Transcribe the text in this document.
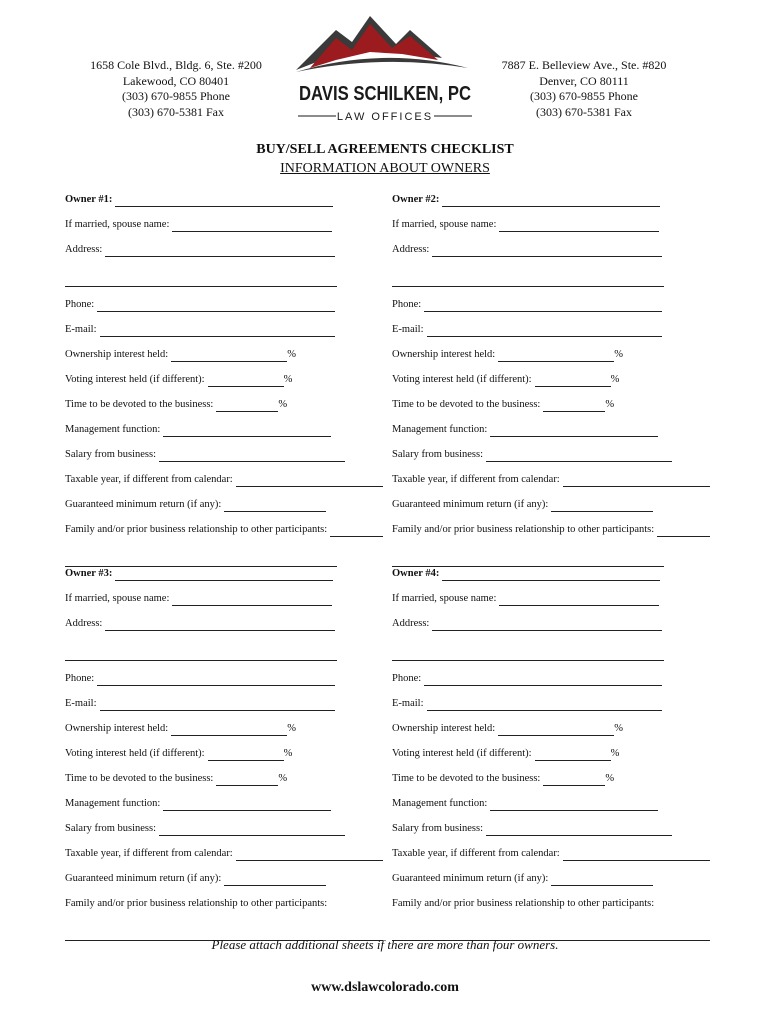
1658 Cole Blvd., Bldg. 6, Ste. #200
Lakewood, CO 80401
(303) 670-9855 Phone
(303) 670-5381 Fax
DAVIS SCHILKEN, PC
LAW OFFICES
7887 E. Belleview Ave., Ste. #820
Denver, CO 80111
(303) 670-9855 Phone
(303) 670-5381 Fax
BUY/SELL AGREEMENTS CHECKLIST
INFORMATION ABOUT OWNERS
Owner #1:
If married, spouse name:
Address:
Phone:
E-mail:
Ownership interest held:	%
Voting interest held (if different):	%
Time to be devoted to the business:	%
Management function:
Salary from business:
Taxable year, if different from calendar:
Guaranteed minimum return (if any):
Family and/or prior business relationship to other participants:
Owner #2:
If married, spouse name:
Address:
Phone:
E-mail:
Ownership interest held:	%
Voting interest held (if different):	%
Time to be devoted to the business:	%
Management function:
Salary from business:
Taxable year, if different from calendar:
Guaranteed minimum return (if any):
Family and/or prior business relationship to other participants:
Owner #3:
If married, spouse name:
Address:
Phone:
E-mail:
Ownership interest held:	%
Voting interest held (if different):	%
Time to be devoted to the business:	%
Management function:
Salary from business:
Taxable year, if different from calendar:
Guaranteed minimum return (if any):
Family and/or prior business relationship to other participants:
Owner #4:
If married, spouse name:
Address:
Phone:
E-mail:
Ownership interest held:	%
Voting interest held (if different):	%
Time to be devoted to the business:	%
Management function:
Salary from business:
Taxable year, if different from calendar:
Guaranteed minimum return (if any):
Family and/or prior business relationship to other participants:
Please attach additional sheets if there are more than four owners.
www.dslawcolorado.com
